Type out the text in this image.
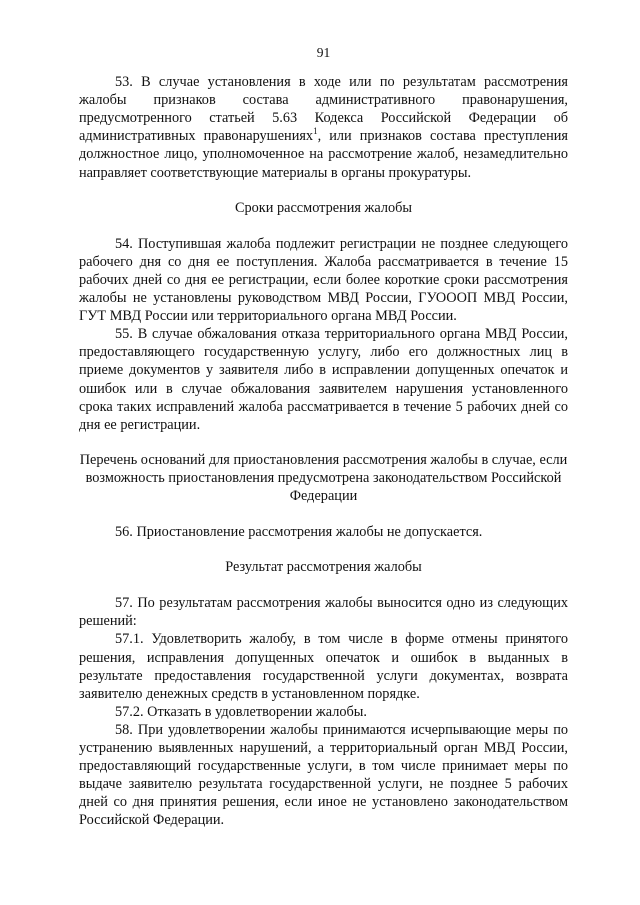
91

53. В случае установления в ходе или по результатам рассмотрения жалобы признаков состава административного правонарушения, предусмотренного статьей 5.63 Кодекса Российской Федерации об административных правонарушениях$^1$, или признаков состава преступления должностное лицо, уполномоченное на рассмотрение жалоб, незамедлительно направляет соответствующие материалы в органы прокуратуры.

Сроки рассмотрения жалобы

54. Поступившая жалоба подлежит регистрации не позднее следующего рабочего дня со дня ее поступления. Жалоба рассматривается в течение 15 рабочих дней со дня ее регистрации, если более короткие сроки рассмотрения жалобы не установлены руководством МВД России, ГУОООП МВД России, ГУТ МВД России или территориального органа МВД России.

55. В случае обжалования отказа территориального органа МВД России, предоставляющего государственную услугу, либо его должностных лиц в приеме документов у заявителя либо в исправлении допущенных опечаток и ошибок или в случае обжалования заявителем нарушения установленного срока таких исправлений жалоба рассматривается в течение 5 рабочих дней со дня ее регистрации.

Перечень оснований для приостановления рассмотрения жалобы в случае, если возможность приостановления предусмотрена законодательством Российской Федерации

56. Приостановление рассмотрения жалобы не допускается.

Результат рассмотрения жалобы

57. По результатам рассмотрения жалобы выносится одно из следующих решений:

57.1. Удовлетворить жалобу, в том числе в форме отмены принятого решения, исправления допущенных опечаток и ошибок в выданных в результате предоставления государственной услуги документах, возврата заявителю денежных средств в установленном порядке.

57.2. Отказать в удовлетворении жалобы.

58. При удовлетворении жалобы принимаются исчерпывающие меры по устранению выявленных нарушений, а территориальный орган МВД России, предоставляющий государственные услуги, в том числе принимает меры по выдаче заявителю результата государственной услуги, не позднее 5 рабочих дней со дня принятия решения, если иное не установлено законодательством Российской Федерации.
